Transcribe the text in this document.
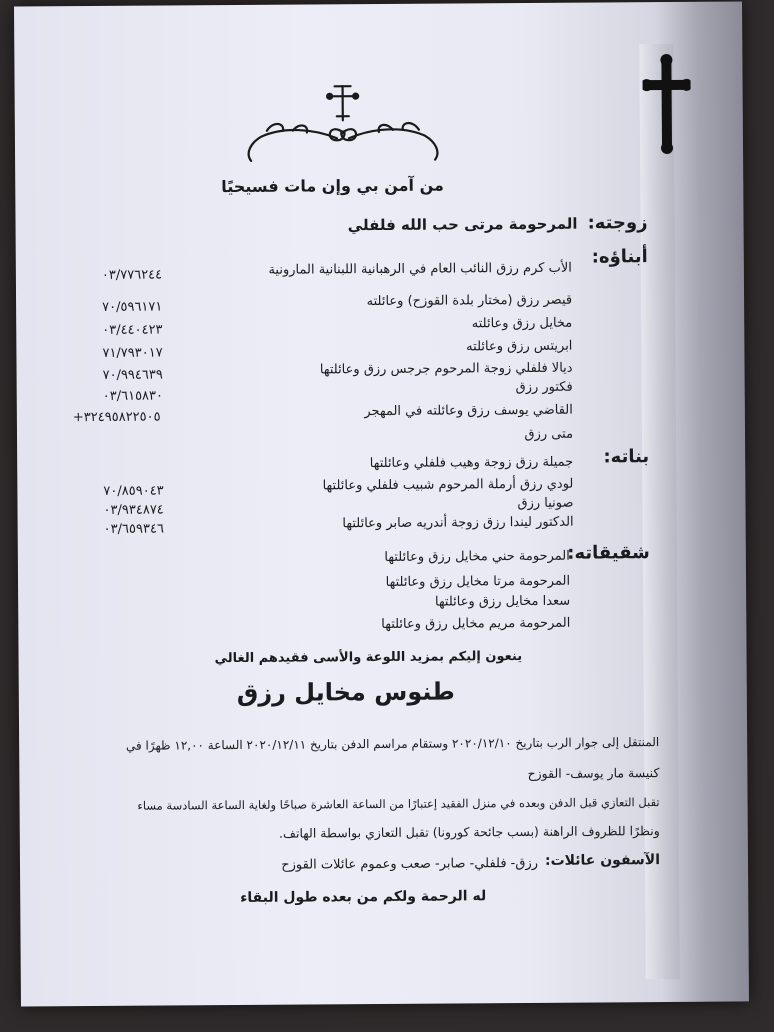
من آمن بي وإن مات فسيحيًا
زوجته:
المرحومة مرتى حب الله فلفلي
أبناؤه:
الأب كرم رزق النائب العام في الرهبانية اللبنانية المارونية
٠٣/٧٧٦٢٤٤
قيصر رزق (مختار بلدة القوزح) وعائلته
٧٠/٥٩٦١٧١
مخايل رزق وعائلته
٠٣/٤٤٠٤٢٣
ابريتس رزق وعائلته
٧١/٧٩٣٠١٧
ديالا فلفلي زوجة المرحوم جرجس رزق وعائلتها
٧٠/٩٩٤٦٣٩
فكتور رزق
٠٣/٦١٥٨٣٠
القاضي يوسف رزق وعائلته في المهجر
+٣٢٤٩٥٨٢٢٥٠٥
متى رزق
بناته:
جميلة رزق زوجة وهيب فلفلي وعائلتها
لودي رزق أرملة المرحوم شبيب فلفلي وعائلتها
٧٠/٨٥٩٠٤٣
صونيا رزق
٠٣/٩٣٤٨٧٤
الدكتور ليندا رزق زوجة أندريه صابر وعائلتها
٠٣/٦٥٩٣٤٦
شقيقاته:
المرحومة حني مخايل رزق وعائلتها
المرحومة مرتا مخايل رزق وعائلتها
سعدا مخايل رزق وعائلتها
المرحومة مريم مخايل رزق وعائلتها
ينعون إليكم بمزيد اللوعة والأسى فقيدهم الغالي
طنوس مخايل رزق
المنتقل إلى جوار الرب بتاريخ ٢٠٢٠/١٢/١٠ وستقام مراسم الدفن بتاريخ ٢٠٢٠/١٢/١١ الساعة ١٢,٠٠ ظهرًا في
كنيسة مار يوسف- القوزح
تقبل التعازي قبل الدفن وبعده في منزل الفقيد إعتبارًا من الساعة العاشرة صباحًا ولغاية الساعة السادسة مساء
ونظرًا للظروف الراهنة (بسب جائحة كورونا) تقبل التعازي بواسطة الهاتف.
الآسفون عائلات:
رزق- فلفلي- صابر- صعب وعموم عائلات القوزح
له الرحمة ولكم من بعده طول البقاء
